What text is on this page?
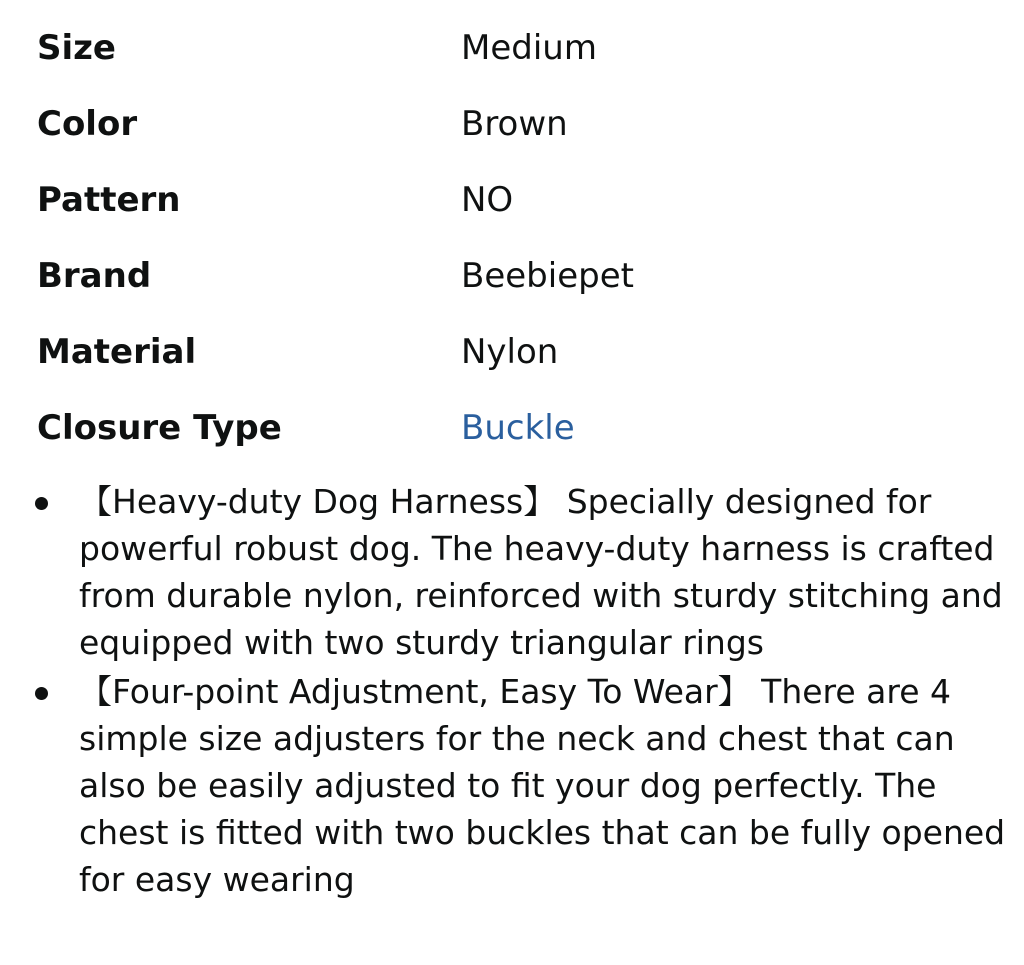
Size	Medium
Color	Brown
Pattern	NO
Brand	Beebiepet
Material	Nylon
Closure Type	Buckle
【Heavy-duty Dog Harness】 Specially designed for powerful robust dog. The heavy-duty harness is crafted from durable nylon, reinforced with sturdy stitching and equipped with two sturdy triangular rings
【Four-point Adjustment, Easy To Wear】 There are 4 simple size adjusters for the neck and chest that can also be easily adjusted to fit your dog perfectly. The chest is fitted with two buckles that can be fully opened for easy wearing
